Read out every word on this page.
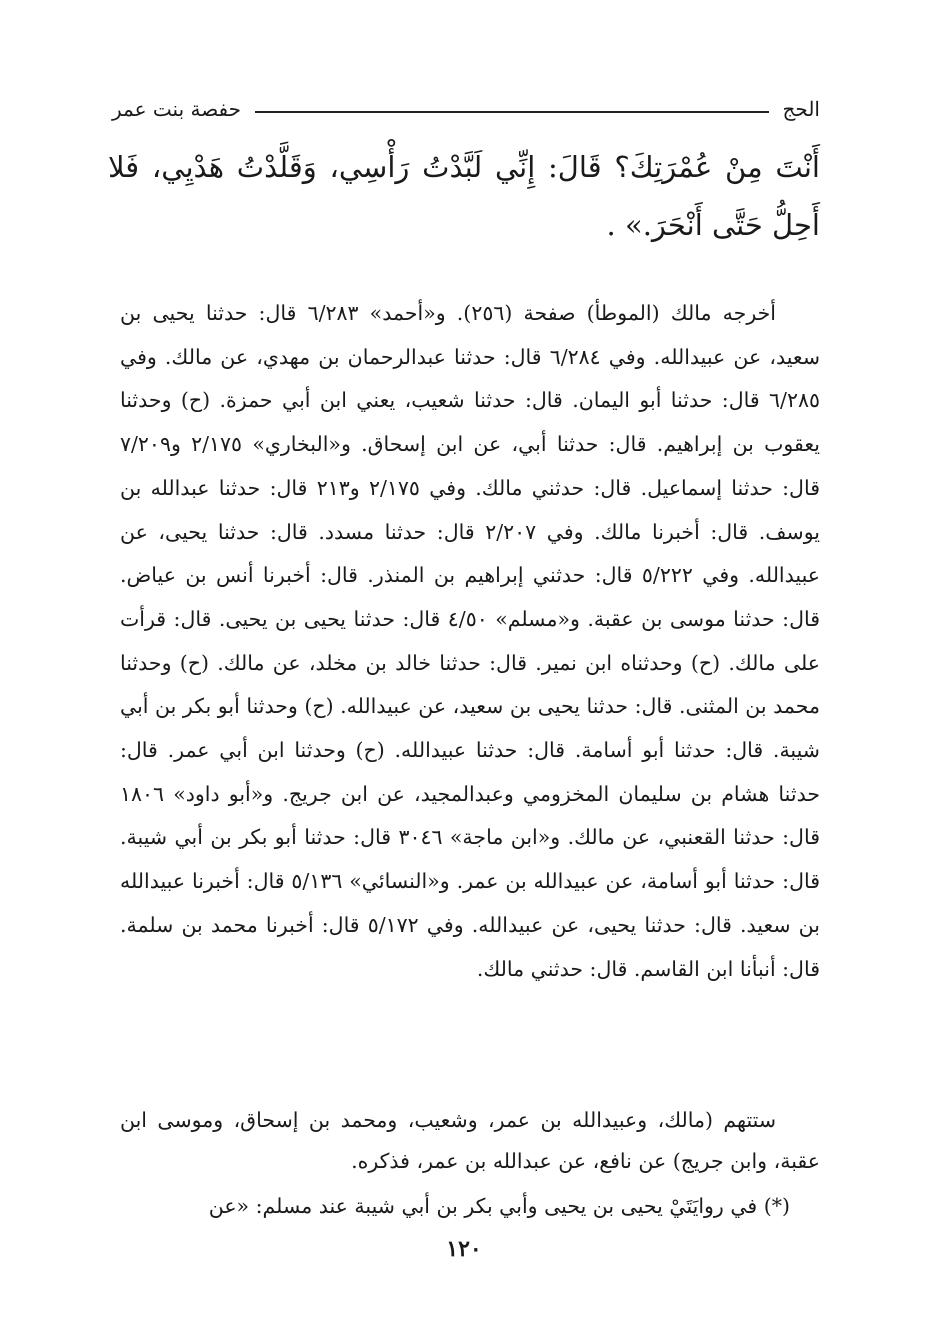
الحج
حفصة بنت عمر
أَنْتَ مِنْ عُمْرَتِكَ؟ قَالَ: إِنِّي لَبَّدْتُ رَأْسِي، وَقَلَّدْتُ هَدْيِي، فَلا أَحِلُّ حَتَّى أَنْحَرَ.» .
أخرجه مالك (الموطأ) صفحة (٢٥٦). و«أحمد» ٦/٢٨٣ قال: حدثنا يحيى بن سعيد، عن عبيدالله. وفي ٦/٢٨٤ قال: حدثنا عبدالرحمان بن مهدي، عن مالك. وفي ٦/٢٨٥ قال: حدثنا أبو اليمان. قال: حدثنا شعيب، يعني ابن أبي حمزة. (ح) وحدثنا يعقوب بن إبراهيم. قال: حدثنا أبي، عن ابن إسحاق. و«البخاري» ٢/١٧٥ و٧/٢٠٩ قال: حدثنا إسماعيل. قال: حدثني مالك. وفي ٢/١٧٥ و٢١٣ قال: حدثنا عبدالله بن يوسف. قال: أخبرنا مالك. وفي ٢/٢٠٧ قال: حدثنا مسدد. قال: حدثنا يحيى، عن عبيدالله. وفي ٥/٢٢٢ قال: حدثني إبراهيم بن المنذر. قال: أخبرنا أنس بن عياض. قال: حدثنا موسى بن عقبة. و«مسلم» ٤/٥٠ قال: حدثنا يحيى بن يحيى. قال: قرأت على مالك. (ح) وحدثناه ابن نمير. قال: حدثنا خالد بن مخلد، عن مالك. (ح) وحدثنا محمد بن المثنى. قال: حدثنا يحيى بن سعيد، عن عبيدالله. (ح) وحدثنا أبو بكر بن أبي شيبة. قال: حدثنا أبو أسامة. قال: حدثنا عبيدالله. (ح) وحدثنا ابن أبي عمر. قال: حدثنا هشام بن سليمان المخزومي وعبدالمجيد، عن ابن جريج. و«أبو داود» ١٨٠٦ قال: حدثنا القعنبي، عن مالك. و«ابن ماجة» ٣٠٤٦ قال: حدثنا أبو بكر بن أبي شيبة. قال: حدثنا أبو أسامة، عن عبيدالله بن عمر. و«النسائي» ٥/١٣٦ قال: أخبرنا عبيدالله بن سعيد. قال: حدثنا يحيى، عن عبيدالله. وفي ٥/١٧٢ قال: أخبرنا محمد بن سلمة. قال: أنبأنا ابن القاسم. قال: حدثني مالك.
ستتهم (مالك، وعبيدالله بن عمر، وشعيب، ومحمد بن إسحاق، وموسى ابن عقبة، وابن جريج) عن نافع، عن عبدالله بن عمر، فذكره.
(*) في روايَتَيْ يحيى بن يحيى وأبي بكر بن أبي شيبة عند مسلم: «عن
١٢٠
